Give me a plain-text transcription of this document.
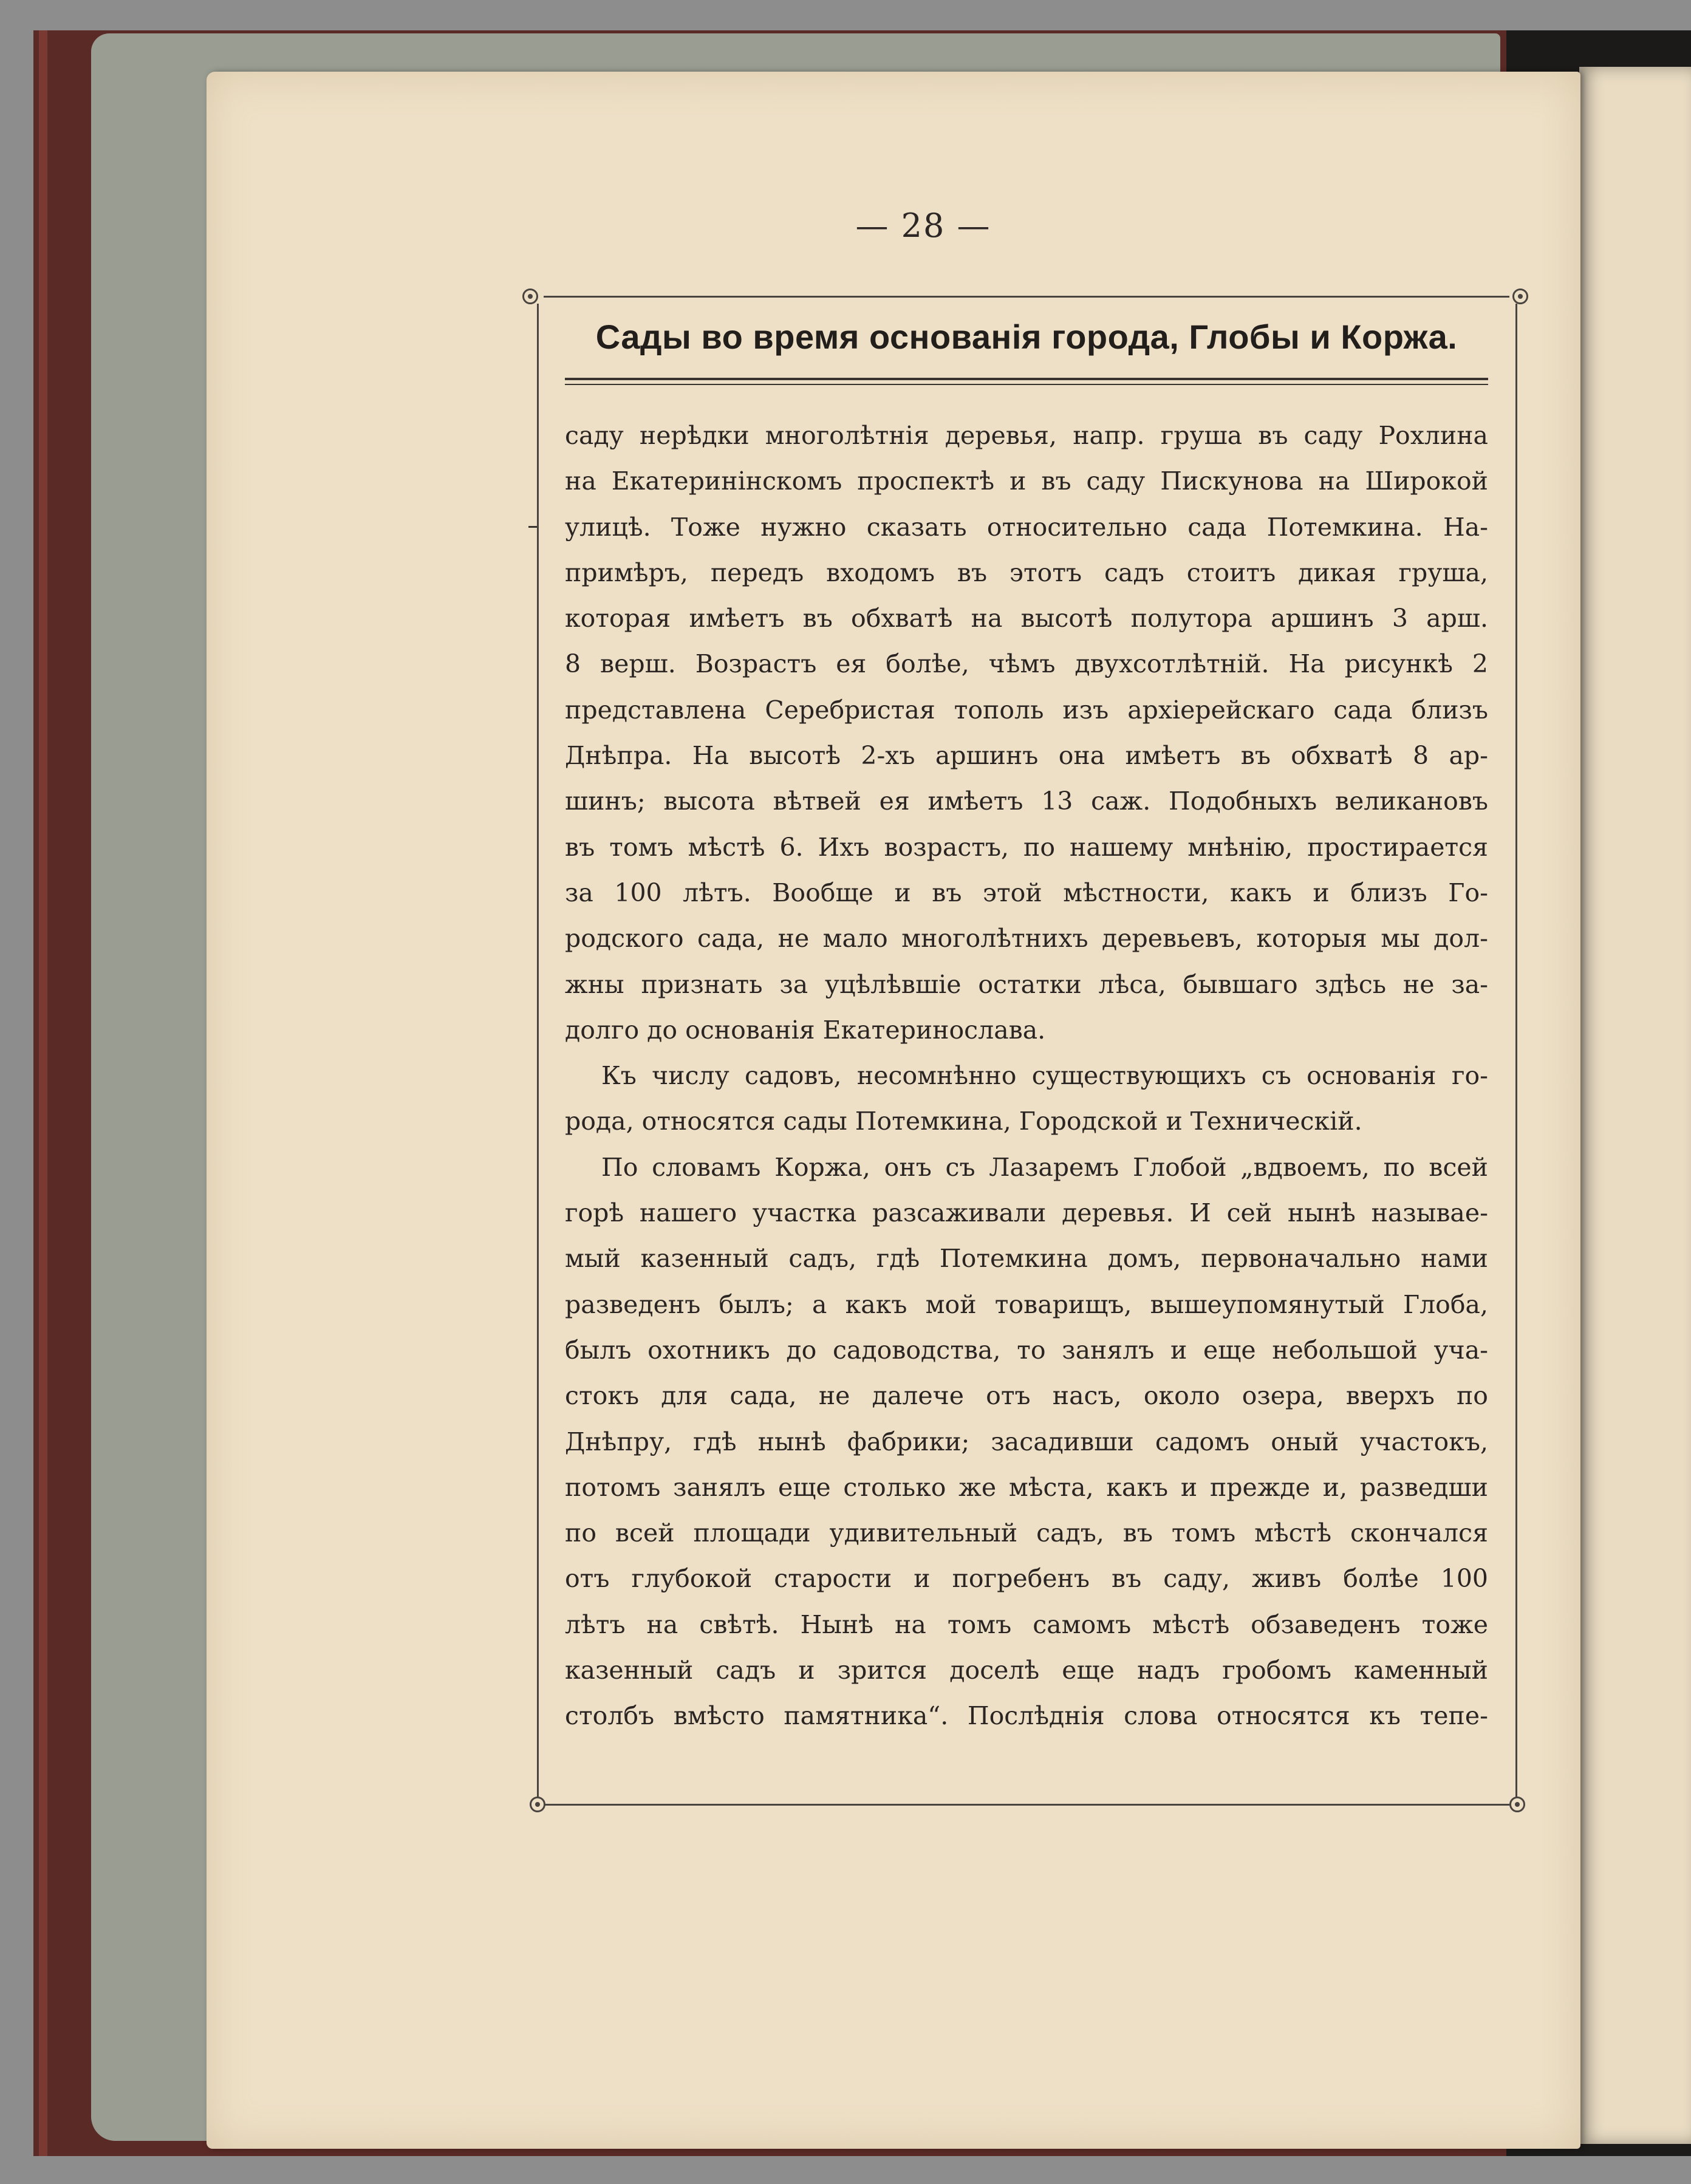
— 28 —
Сады во время основанія города, Глобы и Коржа.
саду нерѣдки многолѣтнія деревья, напр. груша въ саду Рохлина
на Екатеринінскомъ проспектѣ и въ саду Пискунова на Широкой
улицѣ. Тоже нужно сказать относительно сада Потемкина. На-
примѣръ, передъ входомъ въ этотъ садъ стоитъ дикая груша,
которая имѣетъ въ обхватѣ на высотѣ полутора аршинъ 3 арш.
8 верш. Возрастъ ея болѣе, чѣмъ двухсотлѣтній. На рисункѣ 2
представлена Серебристая тополь изъ архіерейскаго сада близъ
Днѣпра. На высотѣ 2-хъ аршинъ она имѣетъ въ обхватѣ 8 ар-
шинъ; высота вѣтвей ея имѣетъ 13 саж. Подобныхъ великановъ
въ томъ мѣстѣ 6. Ихъ возрастъ, по нашему мнѣнію, простирается
за 100 лѣтъ. Вообще и въ этой мѣстности, какъ и близъ Го-
родского сада, не мало многолѣтнихъ деревьевъ, которыя мы дол-
жны признать за уцѣлѣвшіе остатки лѣса, бывшаго здѣсь не за-
долго до основанія Екатеринослава.
Къ числу садовъ, несомнѣнно существующихъ съ основанія го-
рода, относятся сады Потемкина, Городской и Техническій.
По словамъ Коржа, онъ съ Лазаремъ Глобой „вдвоемъ, по всей
горѣ нашего участка разсаживали деревья. И сей нынѣ называе-
мый казенный садъ, гдѣ Потемкина домъ, первоначально нами
разведенъ былъ; а какъ мой товарищъ, вышеупомянутый Глоба,
былъ охотникъ до садоводства, то занялъ и еще небольшой уча-
стокъ для сада, не далече отъ насъ, около озера, вверхъ по
Днѣпру, гдѣ нынѣ фабрики; засадивши садомъ оный участокъ,
потомъ занялъ еще столько же мѣста, какъ и прежде и, разведши
по всей площади удивительный садъ, въ томъ мѣстѣ скончался
отъ глубокой старости и погребенъ въ саду, живъ болѣе 100
лѣтъ на свѣтѣ. Нынѣ на томъ самомъ мѣстѣ обзаведенъ тоже
казенный садъ и зрится доселѣ еще надъ гробомъ каменный
столбъ вмѣсто памятника“. Послѣднія слова относятся къ тепе-
